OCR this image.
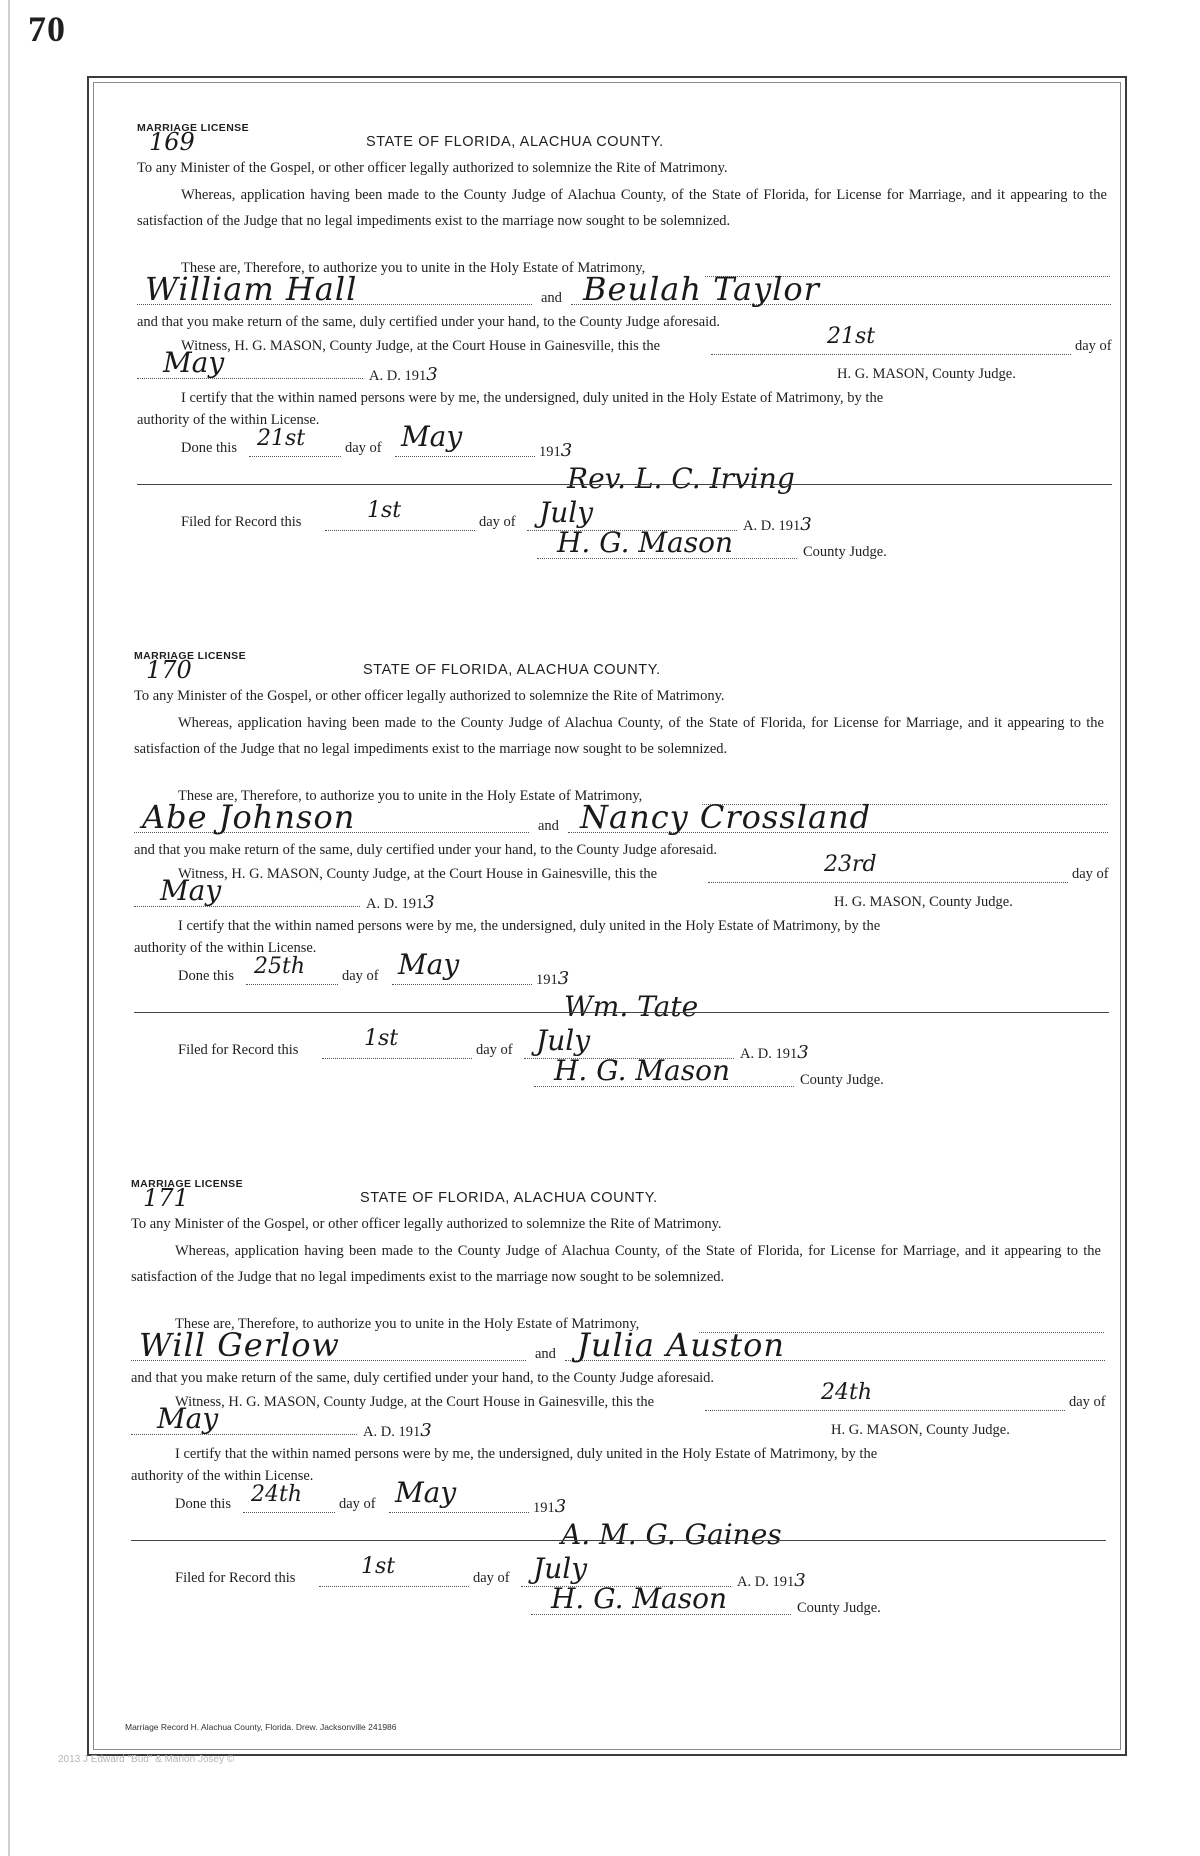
70
MARRIAGE LICENSE
169	STATE OF FLORIDA, ALACHUA COUNTY.
To any Minister of the Gospel, or other officer legally authorized to solemnize the Rite of Matrimony.
Whereas, application having been made to the County Judge of Alachua County, of the State of Florida, for License for Marriage, and it appearing to the satisfaction of the Judge that no legal impediments exist to the marriage now sought to be solemnized.
These are, Therefore, to authorize you to unite in the Holy Estate of Matrimony,
William Hall	and Beulah Taylor
and that you make return of the same, duly certified under your hand, to the County Judge aforesaid.
Witness, H. G. MASON, County Judge, at the Court House in Gainesville, this the	21st	day of
May	A. D. 1913	H. G. MASON, County Judge.
I certify that the within named persons were by me, the undersigned, duly united in the Holy Estate of Matrimony, by the
authority of the within License.
Done this 21st	day of May	1913
Rev. L. C. Irving
Filed for Record this	1st	day of July	A. D. 1913
H. G. Mason	County Judge.
MARRIAGE LICENSE
170	STATE OF FLORIDA, ALACHUA COUNTY.
To any Minister of the Gospel, or other officer legally authorized to solemnize the Rite of Matrimony.
Whereas, application having been made to the County Judge of Alachua County, of the State of Florida, for License for Marriage, and it appearing to the satisfaction of the Judge that no legal impediments exist to the marriage now sought to be solemnized.
These are, Therefore, to authorize you to unite in the Holy Estate of Matrimony,
Abe Johnson	and Nancy Crossland
and that you make return of the same, duly certified under your hand, to the County Judge aforesaid.
Witness, H. G. MASON, County Judge, at the Court House in Gainesville, this the	23rd	day of
May	A. D. 1913	H. G. MASON, County Judge.
I certify that the within named persons were by me, the undersigned, duly united in the Holy Estate of Matrimony, by the
authority of the within License.
Done this 25th	day of May	1913
Wm. Tate
Filed for Record this	1st	day of July	A. D. 1913
H. G. Mason	County Judge.
MARRIAGE LICENSE
171	STATE OF FLORIDA, ALACHUA COUNTY.
To any Minister of the Gospel, or other officer legally authorized to solemnize the Rite of Matrimony.
Whereas, application having been made to the County Judge of Alachua County, of the State of Florida, for License for Marriage, and it appearing to the satisfaction of the Judge that no legal impediments exist to the marriage now sought to be solemnized.
These are, Therefore, to authorize you to unite in the Holy Estate of Matrimony,
Will Gerlow	and Julia Auston
and that you make return of the same, duly certified under your hand, to the County Judge aforesaid.
Witness, H. G. MASON, County Judge, at the Court House in Gainesville, this the	24th	day of
May	A. D. 1913	H. G. MASON, County Judge.
I certify that the within named persons were by me, the undersigned, duly united in the Holy Estate of Matrimony, by the
authority of the within License.
Done this 24th	day of May	1913
A. M. G. Gaines
Filed for Record this	1st	day of July	A. D. 1913
H. G. Mason	County Judge.
Marriage Record H. Alachua County, Florida. Drew. Jacksonville 241986
2013 J Edward "Bud" & Marion Josey ©
